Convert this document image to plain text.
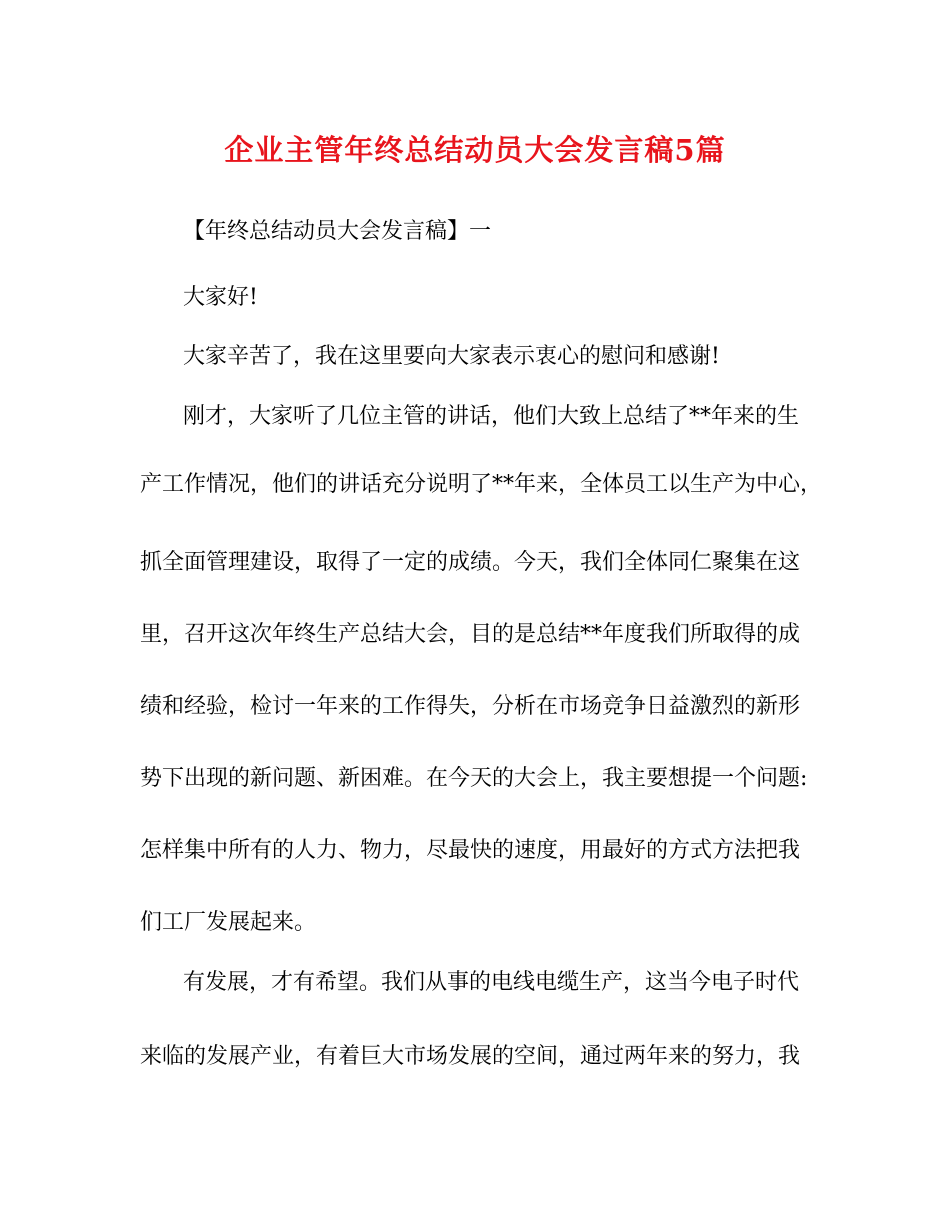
企业主管年终总结动员大会发言稿5篇
【年终总结动员大会发言稿】一
大家好!
大家辛苦了，我在这里要向大家表示衷心的慰问和感谢!
刚才，大家听了几位主管的讲话，他们大致上总结了**年来的生
产工作情况，他们的讲话充分说明了**年来，全体员工以生产为中心，
抓全面管理建设，取得了一定的成绩。今天，我们全体同仁聚集在这
里，召开这次年终生产总结大会，目的是总结**年度我们所取得的成
绩和经验，检讨一年来的工作得失，分析在市场竞争日益激烈的新形
势下出现的新问题、新困难。在今天的大会上，我主要想提一个问题:
怎样集中所有的人力、物力，尽最快的速度，用最好的方式方法把我
们工厂发展起来。
有发展，才有希望。我们从事的电线电缆生产，这当今电子时代
来临的发展产业，有着巨大市场发展的空间，通过两年来的努力，我
